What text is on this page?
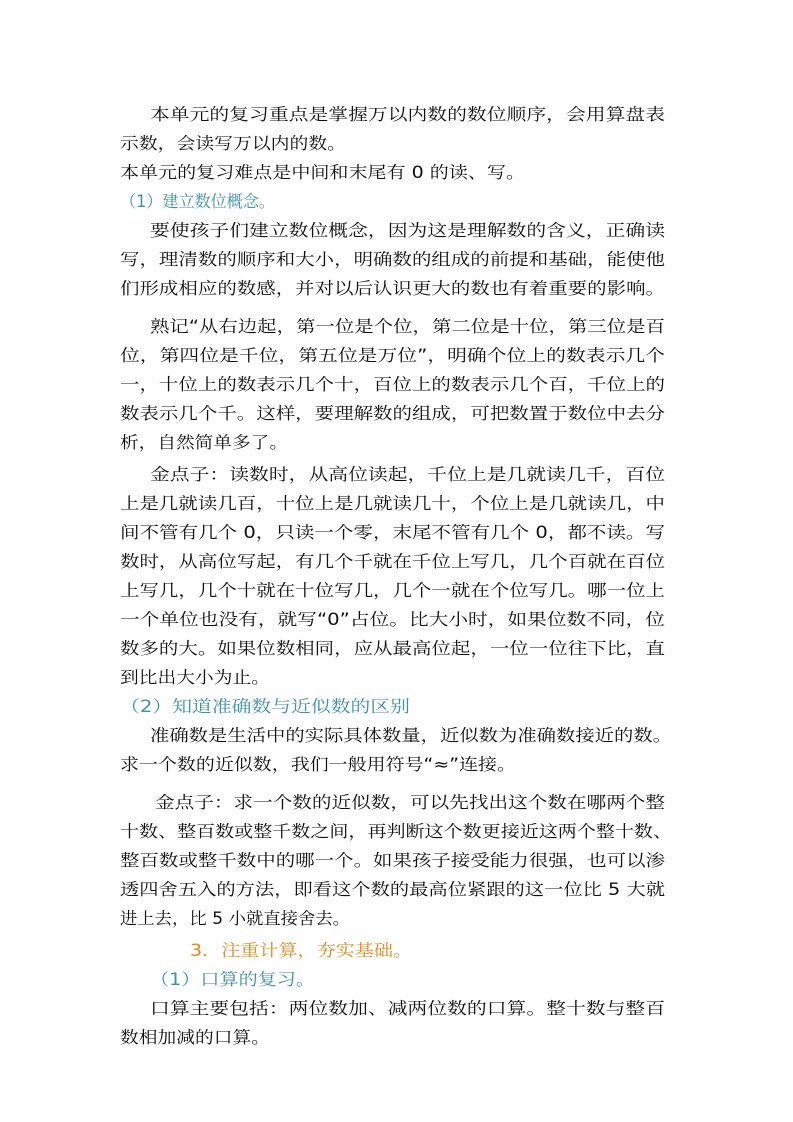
本单元的复习重点是掌握万以内数的数位顺序，会用算盘表
示数，会读写万以内的数。
本单元的复习难点是中间和末尾有 0 的读、写。
（1）建立数位概念。
要使孩子们建立数位概念，因为这是理解数的含义，正确读
写，理清数的顺序和大小，明确数的组成的前提和基础，能使他
们形成相应的数感，并对以后认识更大的数也有着重要的影响。
熟记“从右边起，第一位是个位，第二位是十位，第三位是百
位，第四位是千位，第五位是万位”，明确个位上的数表示几个
一，十位上的数表示几个十，百位上的数表示几个百，千位上的
数表示几个千。这样，要理解数的组成，可把数置于数位中去分
析，自然简单多了。
金点子：读数时，从高位读起，千位上是几就读几千，百位
上是几就读几百，十位上是几就读几十，个位上是几就读几，中
间不管有几个 0，只读一个零，末尾不管有几个 0，都不读。写
数时，从高位写起，有几个千就在千位上写几，几个百就在百位
上写几，几个十就在十位写几，几个一就在个位写几。哪一位上
一个单位也没有，就写“0”占位。比大小时，如果位数不同，位
数多的大。如果位数相同，应从最高位起，一位一位往下比，直
到比出大小为止。
（2）知道准确数与近似数的区别
准确数是生活中的实际具体数量，近似数为准确数接近的数。
求一个数的近似数，我们一般用符号“≈”连接。
金点子：求一个数的近似数，可以先找出这个数在哪两个整
十数、整百数或整千数之间，再判断这个数更接近这两个整十数、
整百数或整千数中的哪一个。如果孩子接受能力很强，也可以渗
透四舍五入的方法，即看这个数的最高位紧跟的这一位比 5 大就
进上去，比 5 小就直接舍去。
3．注重计算，夯实基础。
（1）口算的复习。
口算主要包括：两位数加、减两位数的口算。整十数与整百
数相加减的口算。
